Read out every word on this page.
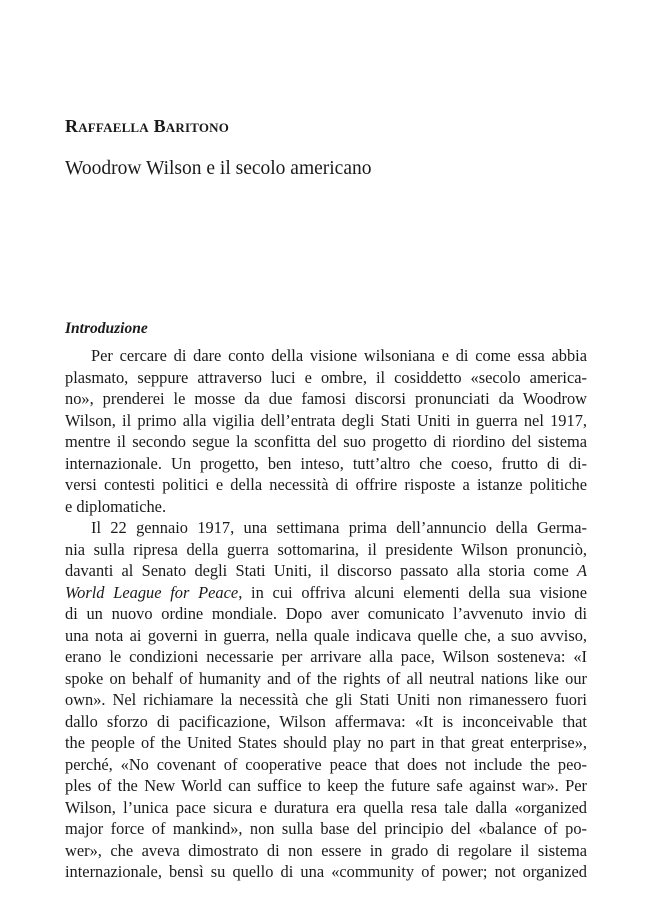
Raffaella Baritono
Woodrow Wilson e il secolo americano
Introduzione
Per cercare di dare conto della visione wilsoniana e di come essa abbia
plasmato, seppure attraverso luci e ombre, il cosiddetto «secolo america-
no», prenderei le mosse da due famosi discorsi pronunciati da Woodrow
Wilson, il primo alla vigilia dell’entrata degli Stati Uniti in guerra nel 1917,
mentre il secondo segue la sconfitta del suo progetto di riordino del sistema
internazionale. Un progetto, ben inteso, tutt’altro che coeso, frutto di di-
versi contesti politici e della necessità di offrire risposte a istanze politiche
e diplomatiche.
Il 22 gennaio 1917, una settimana prima dell’annuncio della Germa-
nia sulla ripresa della guerra sottomarina, il presidente Wilson pronunciò,
davanti al Senato degli Stati Uniti, il discorso passato alla storia come A
World League for Peace, in cui offriva alcuni elementi della sua visione
di un nuovo ordine mondiale. Dopo aver comunicato l’avvenuto invio di
una nota ai governi in guerra, nella quale indicava quelle che, a suo avviso,
erano le condizioni necessarie per arrivare alla pace, Wilson sosteneva: «I
spoke on behalf of humanity and of the rights of all neutral nations like our
own». Nel richiamare la necessità che gli Stati Uniti non rimanessero fuori
dallo sforzo di pacificazione, Wilson affermava: «It is inconceivable that
the people of the United States should play no part in that great enterprise»,
perché, «No covenant of cooperative peace that does not include the peo-
ples of the New World can suffice to keep the future safe against war». Per
Wilson, l’unica pace sicura e duratura era quella resa tale dalla «organized
major force of mankind», non sulla base del principio del «balance of po-
wer», che aveva dimostrato di non essere in grado di regolare il sistema
internazionale, bensì su quello di una «community of power; not organized
